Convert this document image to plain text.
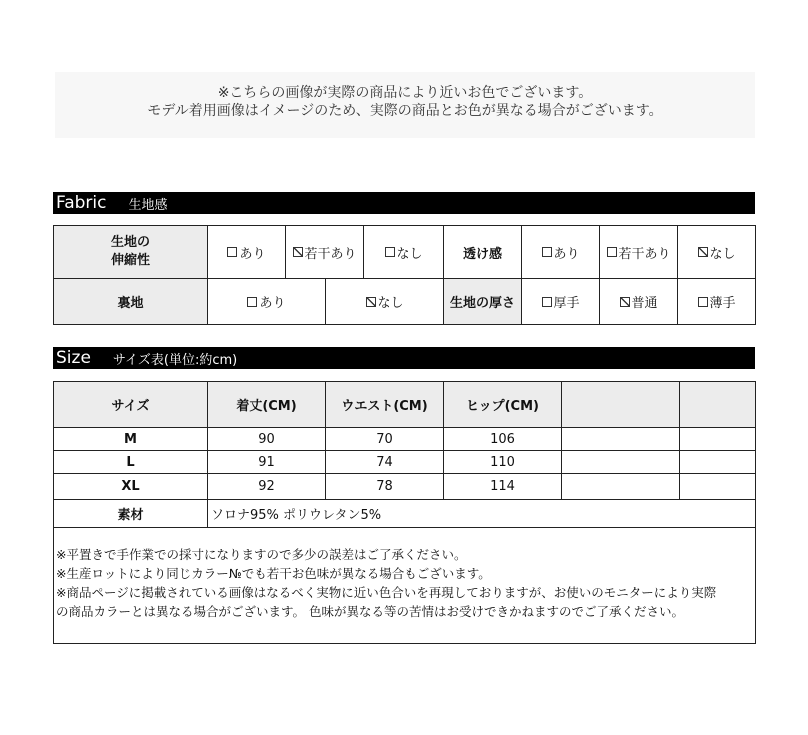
※こちらの画像が実際の商品により近いお色でございます。
モデル着用画像はイメージのため、実際の商品とお色が異なる場合がございます。
Fabric 生地感
生地の
伸縮性	あり	若干あり		なし	透け感	あり	若干あり	なし

裏地	あり		なし		生地の厚さ	厚手	普通	薄手
Size サイズ表(単位:約cm)
サイズ	着丈(CM)	ウエスト(CM)	ヒップ(CM)		
M	90	70	106		
L	91	74	110		
XL	92	78	114		
素材	ソロナ95% ポリウレタン5%				

※平置きで手作業での採寸になりますので多少の誤差はご了承ください。
※生産ロットにより同じカラー№でも若干お色味が異なる場合もございます。
※商品ページに掲載されている画像はなるべく実物に近い色合いを再現しておりますが、お使いのモニターにより実際
の商品カラーとは異なる場合がございます。 色味が異なる等の苦情はお受けできかねますのでご了承ください。					
